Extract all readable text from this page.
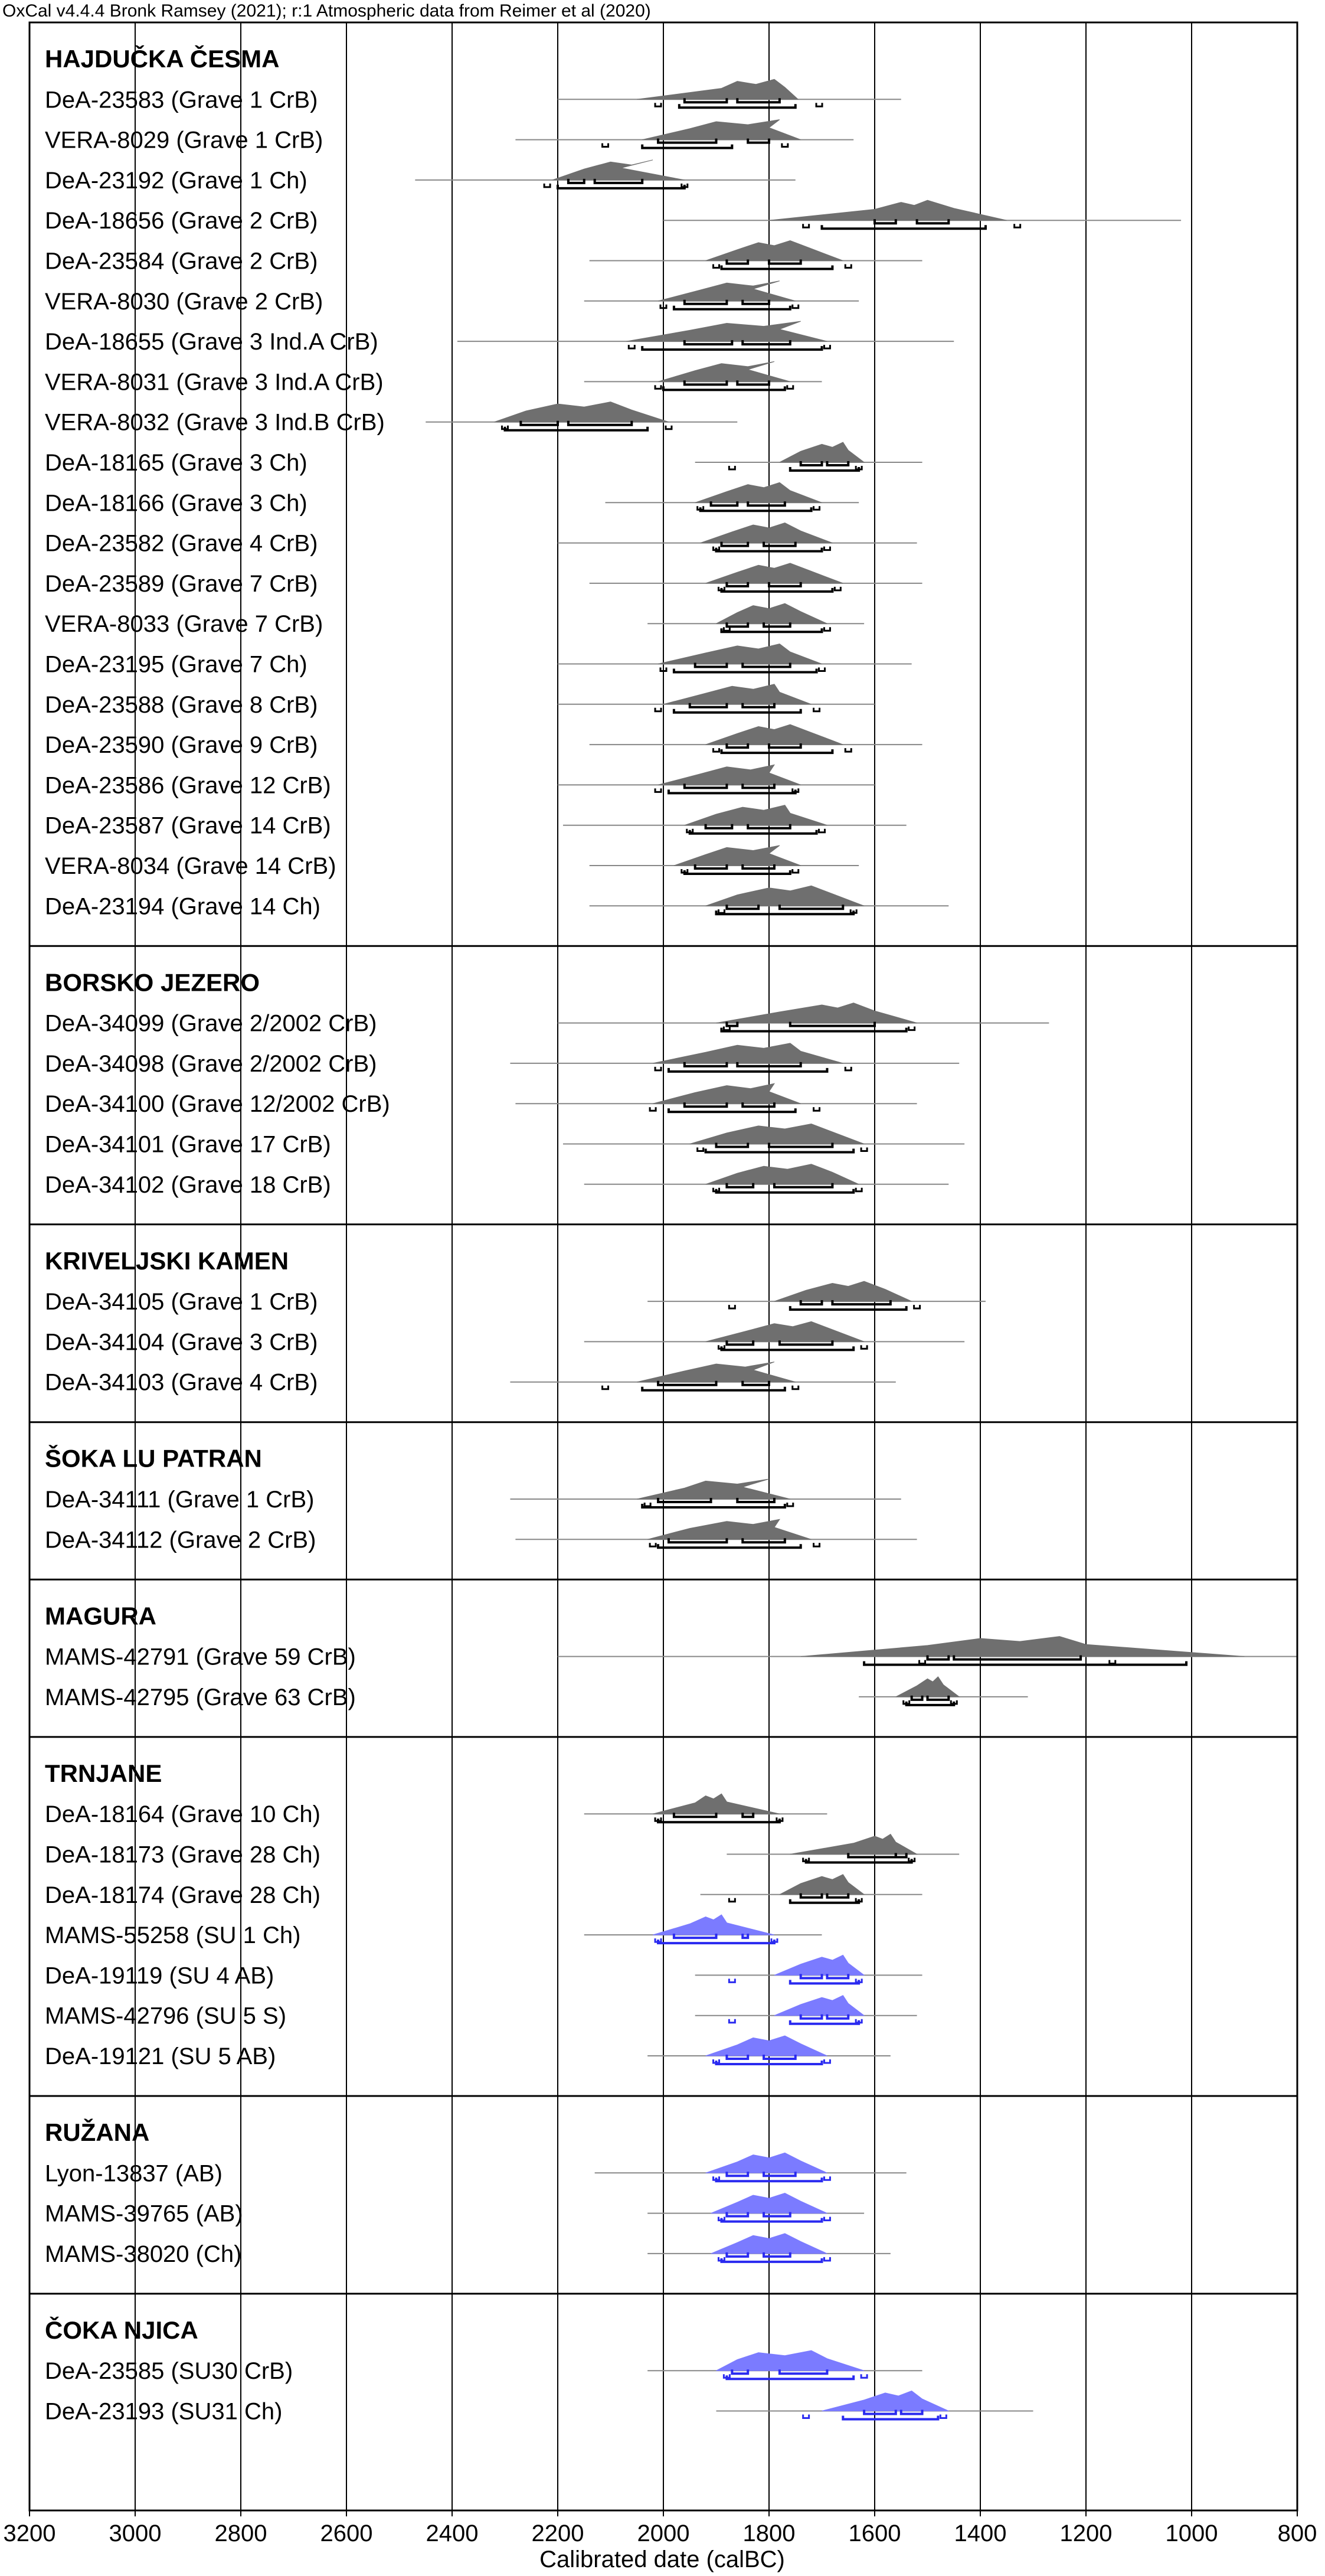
OxCal v4.4.4 Bronk Ramsey (2021); r:1 Atmospheric data from Reimer et al (2020)
HAJDUČKA ČESMA
DeA-23583 (Grave 1 CrB)
VERA-8029 (Grave 1 CrB)
DeA-23192 (Grave 1 Ch)
DeA-18656 (Grave 2 CrB)
DeA-23584 (Grave 2 CrB)
VERA-8030 (Grave 2 CrB)
DeA-18655 (Grave 3 Ind.A CrB)
VERA-8031 (Grave 3 Ind.A CrB)
VERA-8032 (Grave 3 Ind.B CrB)
DeA-18165 (Grave 3 Ch)
DeA-18166 (Grave 3 Ch)
DeA-23582 (Grave 4 CrB)
DeA-23589 (Grave 7 CrB)
VERA-8033 (Grave 7 CrB)
DeA-23195 (Grave 7 Ch)
DeA-23588 (Grave 8 CrB)
DeA-23590 (Grave 9 CrB)
DeA-23586 (Grave 12 CrB)
DeA-23587 (Grave 14 CrB)
VERA-8034 (Grave 14 CrB)
DeA-23194 (Grave 14 Ch)
BORSKO JEZERO
DeA-34099 (Grave 2/2002 CrB)
DeA-34098 (Grave 2/2002 CrB)
DeA-34100 (Grave 12/2002 CrB)
DeA-34101 (Grave 17 CrB)
DeA-34102 (Grave 18 CrB)
KRIVELJSKI KAMEN
DeA-34105 (Grave 1 CrB)
DeA-34104 (Grave 3 CrB)
DeA-34103 (Grave 4 CrB)
ŠOKA LU PATRAN
DeA-34111 (Grave 1 CrB)
DeA-34112 (Grave 2 CrB)
MAGURA
MAMS-42791 (Grave 59 CrB)
MAMS-42795 (Grave 63 CrB)
TRNJANE
DeA-18164 (Grave 10 Ch)
DeA-18173 (Grave 28 Ch)
DeA-18174 (Grave 28 Ch)
MAMS-55258 (SU 1 Ch)
DeA-19119 (SU 4 AB)
MAMS-42796 (SU 5 S)
DeA-19121 (SU 5 AB)
RUŽANA
Lyon-13837 (AB)
MAMS-39765 (AB)
MAMS-38020 (Ch)
ČOKA NJICA
DeA-23585 (SU30 CrB)
DeA-23193 (SU31 Ch)
3200 3000 2800 2600 2400 2200 2000 1800 1600 1400 1200 1000	800
Calibrated date (calBC)
